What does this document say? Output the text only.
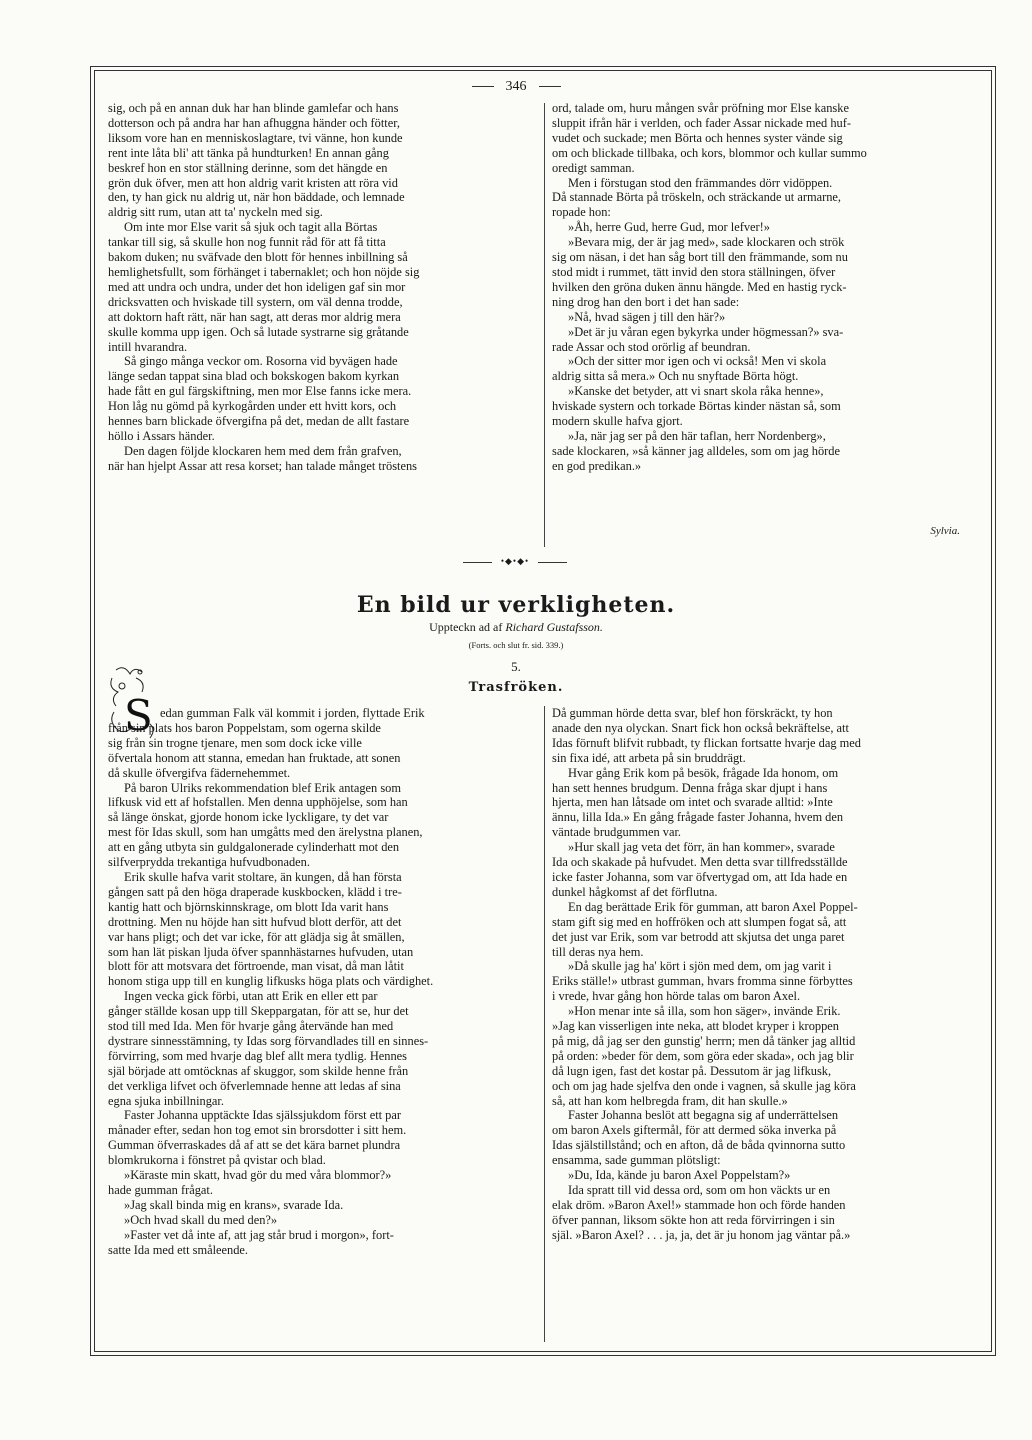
346

sig, och på en annan duk har han blinde gamlefar och hans
dotterson och på andra har han afhuggna händer och fötter,
liksom vore han en menniskoslagtare, tvi vänne, hon kunde
rent inte låta bli' att tänka på hundturken! En annan gång
beskref hon en stor ställning derinne, som det hängde en
grön duk öfver, men att hon aldrig varit kristen att röra vid
den, ty han gick nu aldrig ut, när hon bäddade, och lemnade
aldrig sitt rum, utan att ta' nyckeln med sig.

Om inte mor Else varit så sjuk och tagit alla Börtas
tankar till sig, så skulle hon nog funnit råd för att få titta
bakom duken; nu sväfvade den blott för hennes inbillning så
hemlighetsfullt, som förhänget i tabernaklet; och hon nöjde sig
med att undra och undra, under det hon ideligen gaf sin mor
dricksvatten och hviskade till systern, om väl denna trodde,
att doktorn haft rätt, när han sagt, att deras mor aldrig mera
skulle komma upp igen. Och så lutade systrarne sig gråtande
intill hvarandra.

Så gingo många veckor om. Rosorna vid byvägen hade
länge sedan tappat sina blad och bokskogen bakom kyrkan
hade fått en gul färgskiftning, men mor Else fanns icke mera.
Hon låg nu gömd på kyrkogården under ett hvitt kors, och
hennes barn blickade öfvergifna på det, medan de allt fastare
höllo i Assars händer.

Den dagen följde klockaren hem med dem från grafven,
när han hjelpt Assar att resa korset; han talade månget tröstens

ord, talade om, huru mången svår pröfning mor Else kanske
sluppit ifrån här i verlden, och fader Assar nickade med huf-
vudet och suckade; men Börta och hennes syster vände sig
om och blickade tillbaka, och kors, blommor och kullar summo
oredigt samman.

Men i förstugan stod den främmandes dörr vidöppen.
Då stannade Börta på tröskeln, och sträckande ut armarne,
ropade hon:

»Åh, herre Gud, herre Gud, mor lefver!»

»Bevara mig, der är jag med», sade klockaren och strök
sig om näsan, i det han såg bort till den främmande, som nu
stod midt i rummet, tätt invid den stora ställningen, öfver
hvilken den gröna duken ännu hängde. Med en hastig ryck-
ning drog han den bort i det han sade:

»Nå, hvad sägen j till den här?»

»Det är ju våran egen bykyrka under högmessan?» sva-
rade Assar och stod orörlig af beundran.

»Och der sitter mor igen och vi också! Men vi skola
aldrig sitta så mera.» Och nu snyftade Börta högt.

»Kanske det betyder, att vi snart skola råka henne»,
hviskade systern och torkade Börtas kinder nästan så, som
modern skulle hafva gjort.

»Ja, när jag ser på den här taflan, herr Nordenberg»,
sade klockaren, »så känner jag alldeles, som om jag hörde
en god predikan.»

Sylvia.
•◆•◆•
En bild ur verkligheten.
Uppteckn ad af Richard Gustafsson.
(Forts. och slut fr. sid. 339.)
5.
Trasfröken.
S edan gumman Falk väl kommit i jorden, flyttade Erik
från sin plats hos baron Poppelstam, som ogerna skilde
sig från sin trogne tjenare, men som dock icke ville
öfvertala honom att stanna, emedan han fruktade, att sonen
då skulle öfvergifva fädernehemmet.

På baron Ulriks rekommendation blef Erik antagen som
lifkusk vid ett af hofstallen. Men denna upphöjelse, som han
så länge önskat, gjorde honom icke lyckligare, ty det var
mest för Idas skull, som han umgåtts med den ärelystna planen,
att en gång utbyta sin guldgalonerade cylinderhatt mot den
silfverprydda trekantiga hufvudbonaden.

Erik skulle hafva varit stoltare, än kungen, då han första
gången satt på den höga draperade kuskbocken, klädd i tre-
kantig hatt och björnskinnskrage, om blott Ida varit hans
drottning. Men nu höjde han sitt hufvud blott derför, att det
var hans pligt; och det var icke, för att glädja sig åt smällen,
som han lät piskan ljuda öfver spannhästarnes hufvuden, utan
blott för att motsvara det förtroende, man visat, då man låtit
honom stiga upp till en kunglig lifkusks höga plats och värdighet.

Ingen vecka gick förbi, utan att Erik en eller ett par
gånger ställde kosan upp till Skeppargatan, för att se, hur det
stod till med Ida. Men för hvarje gång återvände han med
dystrare sinnesstämning, ty Idas sorg förvandlades till en sinnes-
förvirring, som med hvarje dag blef allt mera tydlig. Hennes
själ började att omtöcknas af skuggor, som skilde henne från
det verkliga lifvet och öfverlemnade henne att ledas af sina
egna sjuka inbillningar.

Faster Johanna upptäckte Idas själssjukdom först ett par
månader efter, sedan hon tog emot sin brorsdotter i sitt hem.
Gumman öfverraskades då af att se det kära barnet plundra
blomkrukorna i fönstret på qvistar och blad.

»Käraste min skatt, hvad gör du med våra blommor?»
hade gumman frågat.

»Jag skall binda mig en krans», svarade Ida.

»Och hvad skall du med den?»

»Faster vet då inte af, att jag står brud i morgon», fort-
satte Ida med ett småleende.

Då gumman hörde detta svar, blef hon förskräckt, ty hon
anade den nya olyckan. Snart fick hon också bekräftelse, att
Idas förnuft blifvit rubbadt, ty flickan fortsatte hvarje dag med
sin fixa idé, att arbeta på sin bruddrägt.

Hvar gång Erik kom på besök, frågade Ida honom, om
han sett hennes brudgum. Denna fråga skar djupt i hans
hjerta, men han låtsade om intet och svarade alltid: »Inte
ännu, lilla Ida.» En gång frågade faster Johanna, hvem den
väntade brudgummen var.

»Hur skall jag veta det förr, än han kommer», svarade
Ida och skakade på hufvudet. Men detta svar tillfredsställde
icke faster Johanna, som var öfvertygad om, att Ida hade en
dunkel hågkomst af det förflutna.

En dag berättade Erik för gumman, att baron Axel Poppel-
stam gift sig med en hoffröken och att slumpen fogat så, att
det just var Erik, som var betrodd att skjutsa det unga paret
till deras nya hem.

»Då skulle jag ha' kört i sjön med dem, om jag varit i
Eriks ställe!» utbrast gumman, hvars fromma sinne förbyttes
i vrede, hvar gång hon hörde talas om baron Axel.

»Hon menar inte så illa, som hon säger», invände Erik.
»Jag kan visserligen inte neka, att blodet kryper i kroppen
på mig, då jag ser den gunstig' herrn; men då tänker jag alltid
på orden: »beder för dem, som göra eder skada», och jag blir
då lugn igen, fast det kostar på. Dessutom är jag lifkusk,
och om jag hade sjelfva den onde i vagnen, så skulle jag köra
så, att han kom helbregda fram, dit han skulle.»

Faster Johanna beslöt att begagna sig af underrättelsen
om baron Axels giftermål, för att dermed söka inverka på
Idas själstillstånd; och en afton, då de båda qvinnorna sutto
ensamma, sade gumman plötsligt:

»Du, Ida, kände ju baron Axel Poppelstam?»

Ida spratt till vid dessa ord, som om hon väckts ur en
elak dröm. »Baron Axel!» stammade hon och förde handen
öfver pannan, liksom sökte hon att reda förvirringen i sin
själ. »Baron Axel? . . . ja, ja, det är ju honom jag väntar på.»
